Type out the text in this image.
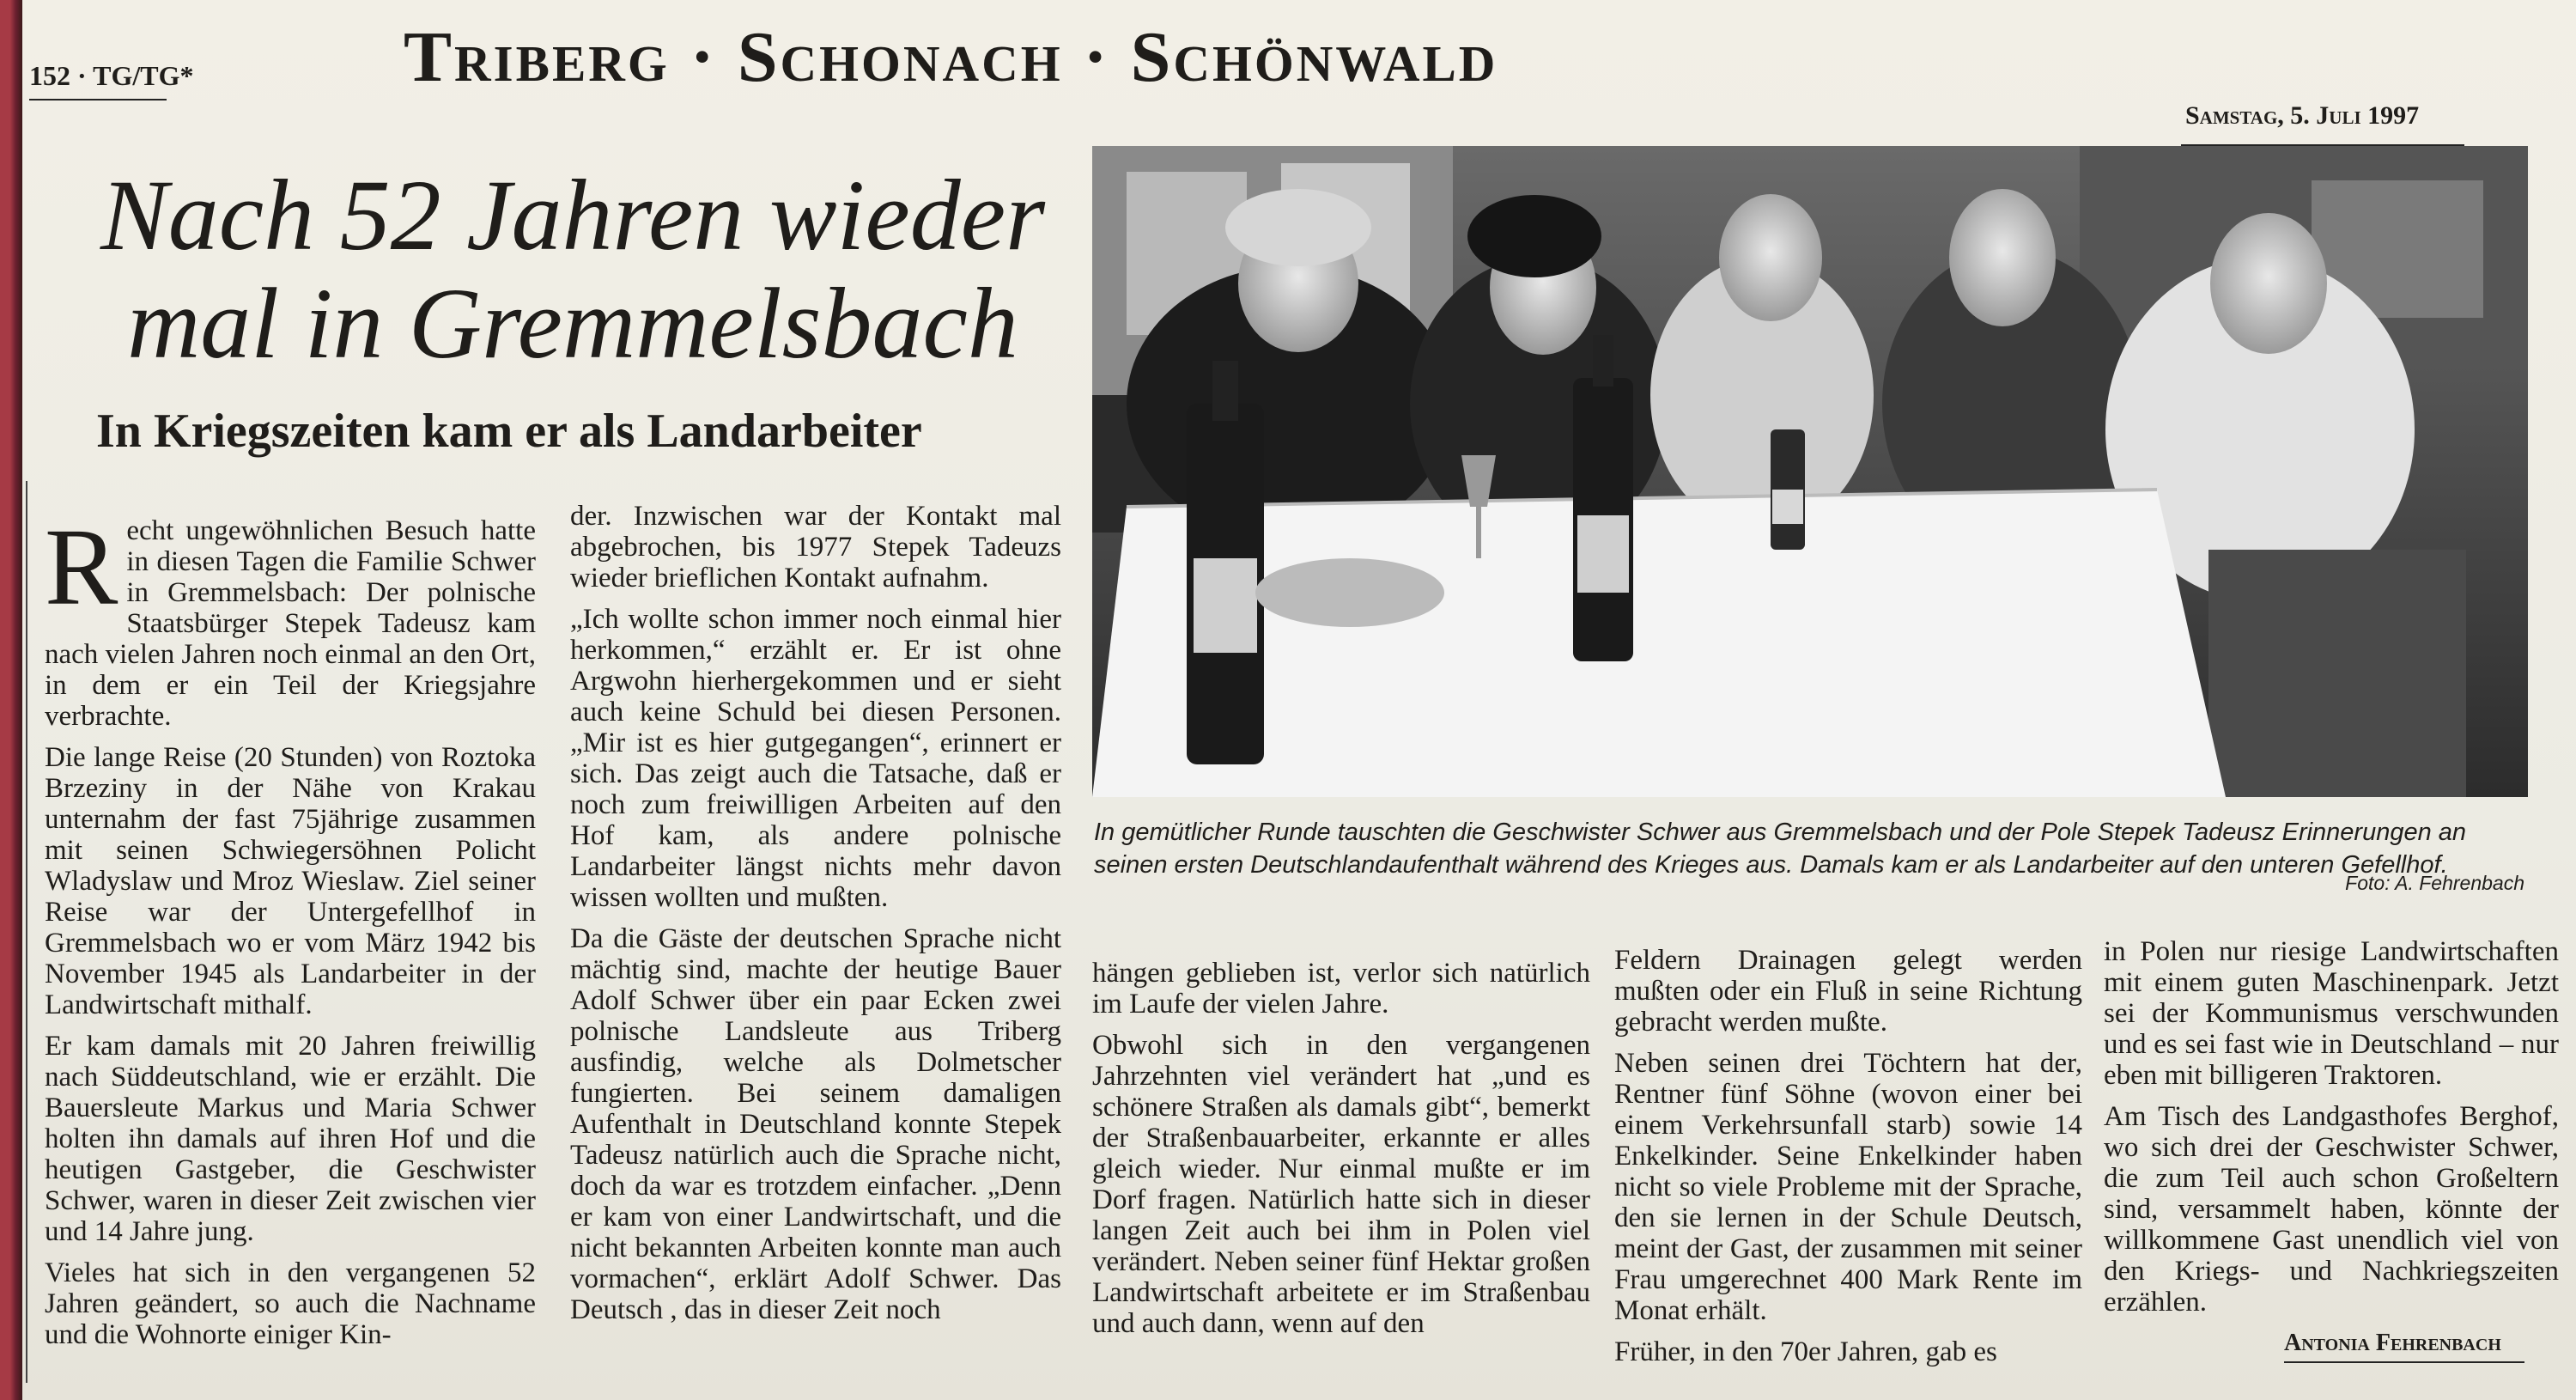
152 · TG/TG*	Triberg · Schonach · Schönwald
Samstag, 5. Juli 1997
Nach 52 Jahren wieder mal in Gremmelsbach
In Kriegszeiten kam er als Landarbeiter
In gemütlicher Runde tauschten die Geschwister Schwer aus Gremmelsbach und der Pole Stepek Tadeusz Erinnerungen an seinen ersten Deutschlandaufenthalt während des Krieges aus. Damals kam er als Landarbeiter auf den unteren Gefellhof.
Foto: A. Fehrenbach

Recht ungewöhnlichen Besuch hatte in diesen Tagen die Familie Schwer in Gremmelsbach: Der polnische Staatsbürger Stepek Tadeusz kam nach vielen Jahren noch einmal an den Ort, in dem er ein Teil der Kriegsjahre verbrachte.

Die lange Reise (20 Stunden) von Roztoka Brzeziny in der Nähe von Krakau unternahm der fast 75jährige zusammen mit seinen Schwiegersöhnen Policht Wladyslaw und Mroz Wieslaw. Ziel seiner Reise war der Untergefellhof in Gremmelsbach wo er vom März 1942 bis November 1945 als Landarbeiter in der Landwirtschaft mithalf.

Er kam damals mit 20 Jahren freiwillig nach Süddeutschland, wie er erzählt. Die Bauersleute Markus und Maria Schwer holten ihn damals auf ihren Hof und die heutigen Gastgeber, die Geschwister Schwer, waren in dieser Zeit zwischen vier und 14 Jahre jung.

Vieles hat sich in den vergangenen 52 Jahren geändert, so auch die Nachname und die Wohnorte einiger Kin-

der. Inzwischen war der Kontakt mal abgebrochen, bis 1977 Stepek Tadeuzs wieder brieflichen Kontakt aufnahm.

„Ich wollte schon immer noch einmal hier herkommen,“ erzählt er. Er ist ohne Argwohn hierhergekommen und er sieht auch keine Schuld bei diesen Personen. „Mir ist es hier gutgegangen“, erinnert er sich. Das zeigt auch die Tatsache, daß er noch zum freiwilligen Arbeiten auf den Hof kam, als andere polnische Landarbeiter längst nichts mehr davon wissen wollten und mußten.

Da die Gäste der deutschen Sprache nicht mächtig sind, machte der heutige Bauer Adolf Schwer über ein paar Ecken zwei polnische Landsleute aus Triberg ausfindig, welche als Dolmetscher fungierten. Bei seinem damaligen Aufenthalt in Deutschland konnte Stepek Tadeusz natürlich auch die Sprache nicht, doch da war es trotzdem einfacher. „Denn er kam von einer Landwirtschaft, und die nicht bekannten Arbeiten konnte man auch vormachen“, erklärt Adolf Schwer. Das Deutsch , das in dieser Zeit noch

hängen geblieben ist, verlor sich natürlich im Laufe der vielen Jahre.

Obwohl sich in den vergangenen Jahrzehnten viel verändert hat „und es schönere Straßen als damals gibt“, bemerkt der Straßenbauarbeiter, erkannte er alles gleich wieder. Nur einmal mußte er im Dorf fragen. Natürlich hatte sich in dieser langen Zeit auch bei ihm in Polen viel verändert. Neben seiner fünf Hektar großen Landwirtschaft arbeitete er im Straßenbau und auch dann, wenn auf den

Feldern Drainagen gelegt werden mußten oder ein Fluß in seine Richtung gebracht werden mußte.

Neben seinen drei Töchtern hat der, Rentner fünf Söhne (wovon einer bei einem Verkehrsunfall starb) sowie 14 Enkelkinder. Seine Enkelkinder haben nicht so viele Probleme mit der Sprache, den sie lernen in der Schule Deutsch, meint der Gast, der zusammen mit seiner Frau umgerechnet 400 Mark Rente im Monat erhält.

Früher, in den 70er Jahren, gab es

in Polen nur riesige Landwirtschaften mit einem guten Maschinenpark. Jetzt sei der Kommunismus verschwunden und es sei fast wie in Deutschland – nur eben mit billigeren Traktoren.

Am Tisch des Landgasthofes Berghof, wo sich drei der Geschwister Schwer, die zum Teil auch schon Großeltern sind, versammelt haben, könnte der willkommene Gast unendlich viel von den Kriegs- und Nachkriegszeiten erzählen.

Antonia Fehrenbach
